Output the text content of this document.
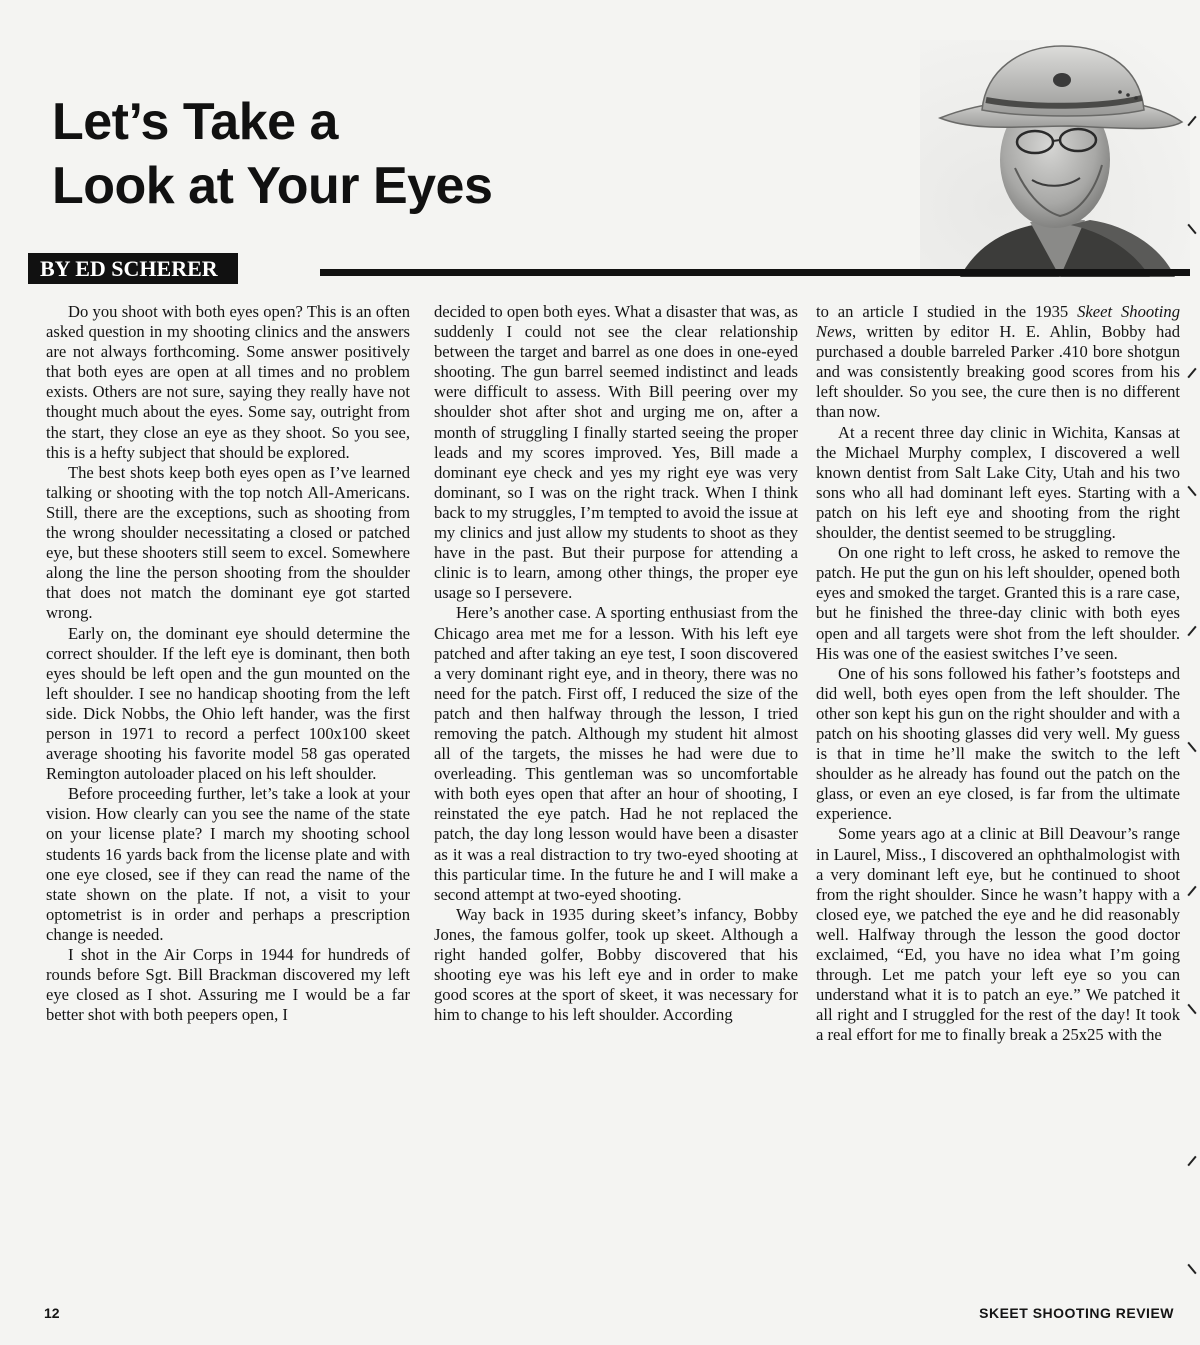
Let’s Take a
Look at Your Eyes
BY ED SCHERER

Do you shoot with both eyes open? This is an often asked question in my shooting clinics and the answers are not always forthcoming. Some answer positively that both eyes are open at all times and no problem exists. Others are not sure, saying they really have not thought much about the eyes. Some say, outright from the start, they close an eye as they shoot. So you see, this is a hefty subject that should be explored.

The best shots keep both eyes open as I’ve learned talking or shooting with the top notch All-Americans. Still, there are the exceptions, such as shooting from the wrong shoulder necessitating a closed or patched eye, but these shooters still seem to excel. Somewhere along the line the person shooting from the shoulder that does not match the dominant eye got started wrong.

Early on, the dominant eye should determine the correct shoulder. If the left eye is dominant, then both eyes should be left open and the gun mounted on the left shoulder. I see no handicap shooting from the left side. Dick Nobbs, the Ohio left hander, was the first person in 1971 to record a perfect 100x100 skeet average shooting his favorite model 58 gas operated Remington autoloader placed on his left shoulder.

Before proceeding further, let’s take a look at your vision. How clearly can you see the name of the state on your license plate? I march my shooting school students 16 yards back from the license plate and with one eye closed, see if they can read the name of the state shown on the plate. If not, a visit to your optometrist is in order and perhaps a prescription change is needed.

I shot in the Air Corps in 1944 for hundreds of rounds before Sgt. Bill Brackman discovered my left eye closed as I shot. Assuring me I would be a far better shot with both peepers open, I

decided to open both eyes. What a disaster that was, as suddenly I could not see the clear relationship between the target and barrel as one does in one-eyed shooting. The gun barrel seemed indistinct and leads were difficult to assess. With Bill peering over my shoulder shot after shot and urging me on, after a month of struggling I finally started seeing the proper leads and my scores improved. Yes, Bill made a dominant eye check and yes my right eye was very dominant, so I was on the right track. When I think back to my struggles, I’m tempted to avoid the issue at my clinics and just allow my students to shoot as they have in the past. But their purpose for attending a clinic is to learn, among other things, the proper eye usage so I persevere.

Here’s another case. A sporting enthusiast from the Chicago area met me for a lesson. With his left eye patched and after taking an eye test, I soon discovered a very dominant right eye, and in theory, there was no need for the patch. First off, I reduced the size of the patch and then halfway through the lesson, I tried removing the patch. Although my student hit almost all of the targets, the misses he had were due to overleading. This gentleman was so uncomfortable with both eyes open that after an hour of shooting, I reinstated the eye patch. Had he not replaced the patch, the day long lesson would have been a disaster as it was a real distraction to try two-eyed shooting at this particular time. In the future he and I will make a second attempt at two-eyed shooting.

Way back in 1935 during skeet’s infancy, Bobby Jones, the famous golfer, took up skeet. Although a right handed golfer, Bobby discovered that his shooting eye was his left eye and in order to make good scores at the sport of skeet, it was necessary for him to change to his left shoulder. According

to an article I studied in the 1935 Skeet Shooting News, written by editor H. E. Ahlin, Bobby had purchased a double barreled Parker .410 bore shotgun and was consistently breaking good scores from his left shoulder. So you see, the cure then is no different than now.

At a recent three day clinic in Wichita, Kansas at the Michael Murphy complex, I discovered a well known dentist from Salt Lake City, Utah and his two sons who all had dominant left eyes. Starting with a patch on his left eye and shooting from the right shoulder, the dentist seemed to be struggling.

On one right to left cross, he asked to remove the patch. He put the gun on his left shoulder, opened both eyes and smoked the target. Granted this is a rare case, but he finished the three-day clinic with both eyes open and all targets were shot from the left shoulder. His was one of the easiest switches I’ve seen.

One of his sons followed his father’s footsteps and did well, both eyes open from the left shoulder. The other son kept his gun on the right shoulder and with a patch on his shooting glasses did very well. My guess is that in time he’ll make the switch to the left shoulder as he already has found out the patch on the glass, or even an eye closed, is far from the ultimate experience.

Some years ago at a clinic at Bill Deavour’s range in Laurel, Miss., I discovered an ophthalmologist with a very dominant left eye, but he continued to shoot from the right shoulder. Since he wasn’t happy with a closed eye, we patched the eye and he did reasonably well. Halfway through the lesson the good doctor exclaimed, “Ed, you have no idea what I’m going through. Let me patch your left eye so you can understand what it is to patch an eye.” We patched it all right and I struggled for the rest of the day! It took a real effort for me to finally break a 25x25 with the

12	SKEET SHOOTING REVIEW
